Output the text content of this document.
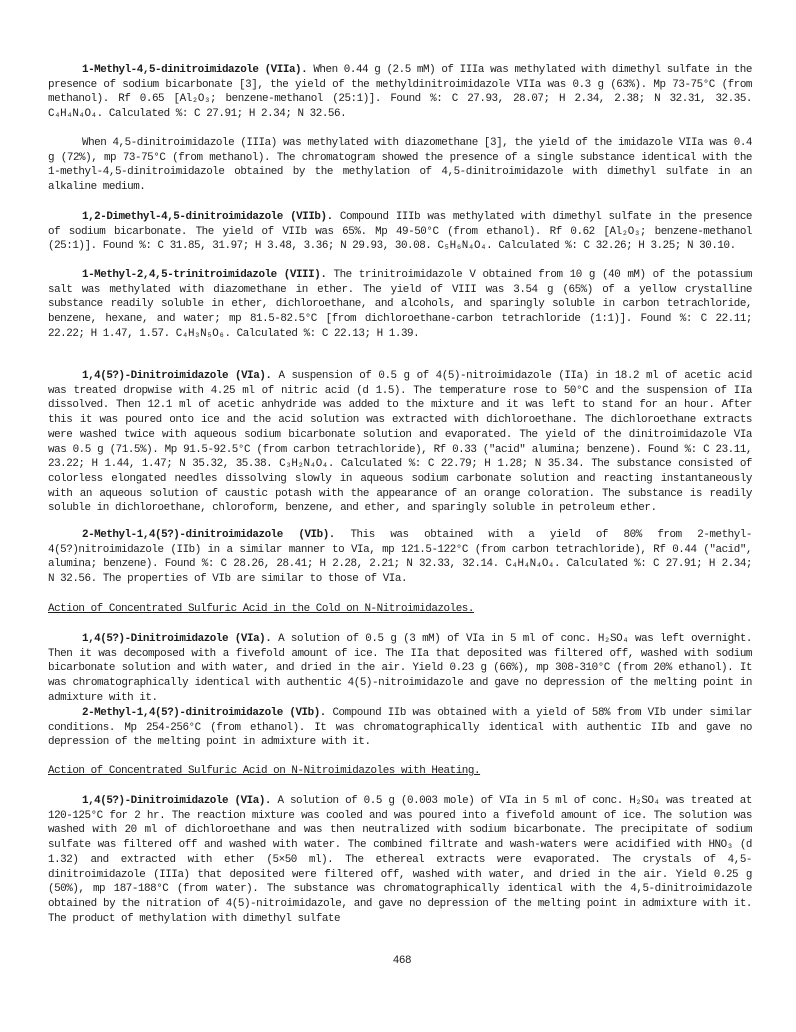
1-Methyl-4,5-dinitroimidazole (VIIa). When 0.44 g (2.5 mM) of IIIa was methylated with dimethyl sulfate in the presence of sodium bicarbonate [3], the yield of the methyldinitroimidazole VIIa was 0.3 g (63%). Mp 73-75°C (from methanol). Rf 0.65 [Al₂O₃; benzene-methanol (25:1)]. Found %: C 27.93, 28.07; H 2.34, 2.38; N 32.31, 32.35. C₄H₄N₄O₄. Calculated %: C 27.91; H 2.34; N 32.56.

When 4,5-dinitroimidazole (IIIa) was methylated with diazomethane [3], the yield of the imidazole VIIa was 0.4 g (72%), mp 73-75°C (from methanol). The chromatogram showed the presence of a single substance identical with the 1-methyl-4,5-dinitroimidazole obtained by the methylation of 4,5-dinitroimidazole with dimethyl sulfate in an alkaline medium.

1,2-Dimethyl-4,5-dinitroimidazole (VIIb). Compound IIIb was methylated with dimethyl sulfate in the presence of sodium bicarbonate. The yield of VIIb was 65%. Mp 49-50°C (from ethanol). Rf 0.62 [Al₂O₃; benzene-methanol (25:1)]. Found %: C 31.85, 31.97; H 3.48, 3.36; N 29.93, 30.08. C₅H₆N₄O₄. Calculated %: C 32.26; H 3.25; N 30.10.

1-Methyl-2,4,5-trinitroimidazole (VIII). The trinitroimidazole V obtained from 10 g (40 mM) of the potassium salt was methylated with diazomethane in ether. The yield of VIII was 3.54 g (65%) of a yellow crystalline substance readily soluble in ether, dichloroethane, and alcohols, and sparingly soluble in carbon tetrachloride, benzene, hexane, and water; mp 81.5-82.5°C [from dichloroethane-carbon tetrachloride (1:1)]. Found %: C 22.11; 22.22; H 1.47, 1.57. C₄H₃N₅O₆. Calculated %: C 22.13; H 1.39.

1,4(5?)-Dinitroimidazole (VIa). A suspension of 0.5 g of 4(5)-nitroimidazole (IIa) in 18.2 ml of acetic acid was treated dropwise with 4.25 ml of nitric acid (d 1.5). The temperature rose to 50°C and the suspension of IIa dissolved. Then 12.1 ml of acetic anhydride was added to the mixture and it was left to stand for an hour. After this it was poured onto ice and the acid solution was extracted with dichloroethane. The dichloroethane extracts were washed twice with aqueous sodium bicarbonate solution and evaporated. The yield of the dinitroimidazole VIa was 0.5 g (71.5%). Mp 91.5-92.5°C (from carbon tetrachloride), Rf 0.33 ("acid" alumina; benzene). Found %: C 23.11, 23.22; H 1.44, 1.47; N 35.32, 35.38. C₃H₂N₄O₄. Calculated %: C 22.79; H 1.28; N 35.34. The substance consisted of colorless elongated needles dissolving slowly in aqueous sodium carbonate solution and reacting instantaneously with an aqueous solution of caustic potash with the appearance of an orange coloration. The substance is readily soluble in dichloroethane, chloroform, benzene, and ether, and sparingly soluble in petroleum ether.

2-Methyl-1,4(5?)-dinitroimidazole (VIb). This was obtained with a yield of 80% from 2-methyl-4(5?)nitroimidazole (IIb) in a similar manner to VIa, mp 121.5-122°C (from carbon tetrachloride), Rf 0.44 ("acid", alumina; benzene). Found %: C 28.26, 28.41; H 2.28, 2.21; N 32.33, 32.14. C₄H₄N₄O₄. Calculated %: C 27.91; H 2.34; N 32.56. The properties of VIb are similar to those of VIa.

Action of Concentrated Sulfuric Acid in the Cold on N-Nitroimidazoles.

1,4(5?)-Dinitroimidazole (VIa). A solution of 0.5 g (3 mM) of VIa in 5 ml of conc. H₂SO₄ was left overnight. Then it was decomposed with a fivefold amount of ice. The IIa that deposited was filtered off, washed with sodium bicarbonate solution and with water, and dried in the air. Yield 0.23 g (66%), mp 308-310°C (from 20% ethanol). It was chromatographically identical with authentic 4(5)-nitroimidazole and gave no depression of the melting point in admixture with it.

2-Methyl-1,4(5?)-dinitroimidazole (VIb). Compound IIb was obtained with a yield of 58% from VIb under similar conditions. Mp 254-256°C (from ethanol). It was chromatographically identical with authentic IIb and gave no depression of the melting point in admixture with it.

Action of Concentrated Sulfuric Acid on N-Nitroimidazoles with Heating.

1,4(5?)-Dinitroimidazole (VIa). A solution of 0.5 g (0.003 mole) of VIa in 5 ml of conc. H₂SO₄ was treated at 120-125°C for 2 hr. The reaction mixture was cooled and was poured into a fivefold amount of ice. The solution was washed with 20 ml of dichloroethane and was then neutralized with sodium bicarbonate. The precipitate of sodium sulfate was filtered off and washed with water. The combined filtrate and wash-waters were acidified with HNO₃ (d 1.32) and extracted with ether (5×50 ml). The ethereal extracts were evaporated. The crystals of 4,5-dinitroimidazole (IIIa) that deposited were filtered off, washed with water, and dried in the air. Yield 0.25 g (50%), mp 187-188°C (from water). The substance was chromatographically identical with the 4,5-dinitroimidazole obtained by the nitration of 4(5)-nitroimidazole, and gave no depression of the melting point in admixture with it. The product of methylation with dimethyl sulfate

468
